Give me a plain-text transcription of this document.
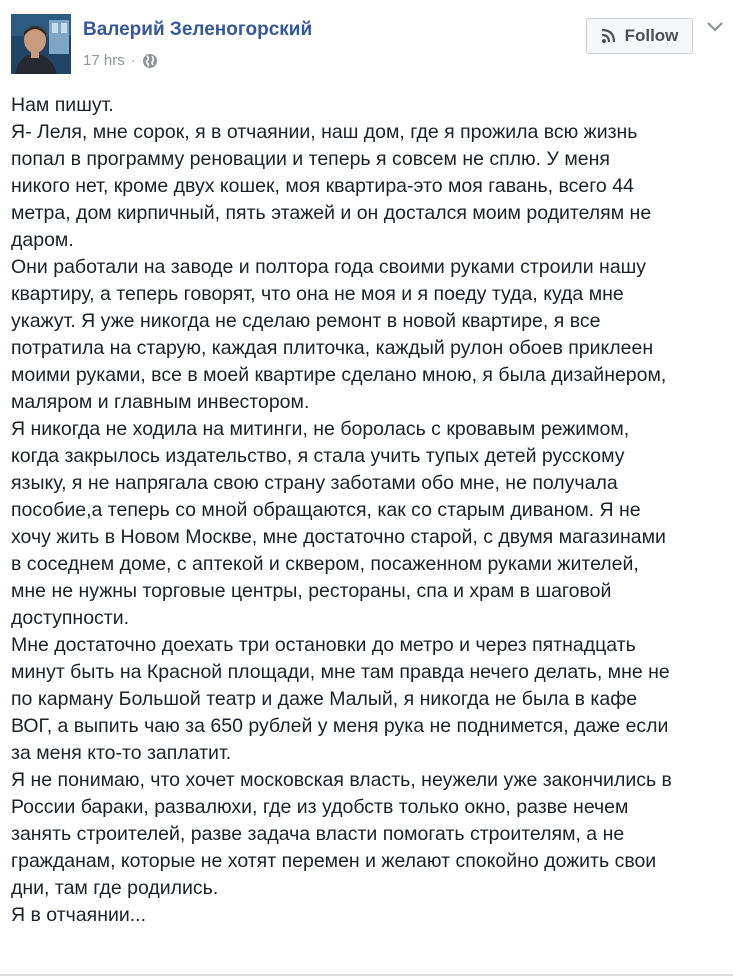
Валерий Зеленогорский
17 hrs ·
Follow

Нам пишут.

Я- Леля, мне сорок, я в отчаянии, наш дом, где я прожила всю жизнь

попал в программу реновации и теперь я совсем не сплю. У меня

никого нет, кроме двух кошек, моя квартира-это моя гавань, всего 44

метра, дом кирпичный, пять этажей и он достался моим родителям не

даром.

Они работали на заводе и полтора года своими руками строили нашу

квартиру, а теперь говорят, что она не моя и я поеду туда, куда мне

укажут. Я уже никогда не сделаю ремонт в новой квартире, я все

потратила на старую, каждая плиточка, каждый рулон обоев приклеен

моими руками, все в моей квартире сделано мною, я была дизайнером,

маляром и главным инвестором.

Я никогда не ходила на митинги, не боролась с кровавым режимом,

когда закрылось издательство, я стала учить тупых детей русскому

языку, я не напрягала свою страну заботами обо мне, не получала

пособие,а теперь со мной обращаются, как со старым диваном. Я не

хочу жить в Новом Москве, мне достаточно старой, с двумя магазинами

в соседнем доме, с аптекой и сквером, посаженном руками жителей,

мне не нужны торговые центры, рестораны, спа и храм в шаговой

доступности.

Мне достаточно доехать три остановки до метро и через пятнадцать

минут быть на Красной площади, мне там правда нечего делать, мне не

по карману Большой театр и даже Малый, я никогда не была в кафе

ВОГ, а выпить чаю за 650 рублей у меня рука не поднимется, даже если

за меня кто-то заплатит.

Я не понимаю, что хочет московская власть, неужели уже закончились в

России бараки, развалюхи, где из удобств только окно, разве нечем

занять строителей, разве задача власти помогать строителям, а не

гражданам, которые не хотят перемен и желают спокойно дожить свои

дни, там где родились.

Я в отчаянии...
